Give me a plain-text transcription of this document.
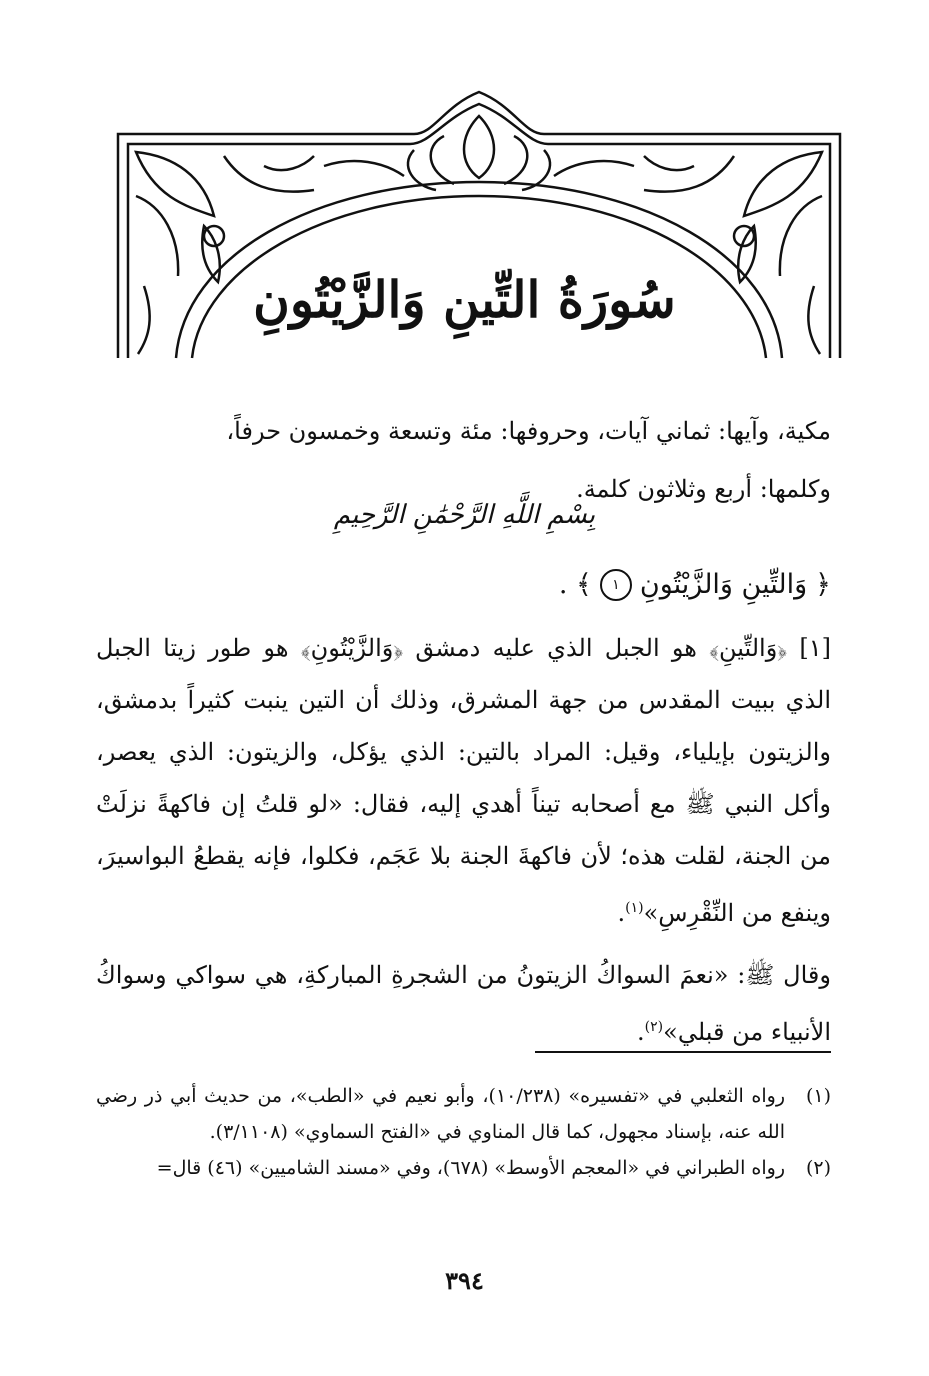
سُورَةُ التِّينِ وَالزَّيْتُونِ
مكية، وآيها: ثماني آيات، وحروفها: مئة وتسعة وخمسون حرفاً،
وكلمها: أربع وثلاثون كلمة.
بِسْمِ اللَّهِ الرَّحْمَٰنِ الرَّحِيمِ
﴿
وَالتِّينِ وَالزَّيْتُونِ
١
﴾ .

[١] ﴿وَالتِّينِ﴾ هو الجبل الذي عليه دمشق ﴿وَالزَّيْتُونِ﴾ هو طور زيتا الجبل الذي ببيت المقدس من جهة المشرق، وذلك أن التين ينبت كثيراً بدمشق، والزيتون بإيلياء، وقيل: المراد بالتين: الذي يؤكل، والزيتون: الذي يعصر، وأكل النبي ﷺ مع أصحابه تيناً أهدي إليه، فقال: «لو قلتُ إن فاكهةً نزلَتْ من الجنة، لقلت هذه؛ لأن فاكهةَ الجنة بلا عَجَم، فكلوا، فإنه يقطعُ البواسيرَ، وينفع من النِّقْرِسِ»$^{(١)}$.

وقال ﷺ: «نعمَ السواكُ الزيتونُ من الشجرةِ المباركةِ، هي سواكي وسواكُ الأنبياء من قبلي»$^{(٢)}$.

(١)
رواه الثعلبي في «تفسيره» (١٠/٢٣٨)، وأبو نعيم في «الطب»، من حديث أبي ذر رضي الله عنه، بإسناد مجهول، كما قال المناوي في «الفتح السماوي» (٣/١١٠٨).
(٢)
رواه الطبراني في «المعجم الأوسط» (٦٧٨)، وفي «مسند الشاميين» (٤٦) قال=
٣٩٤
